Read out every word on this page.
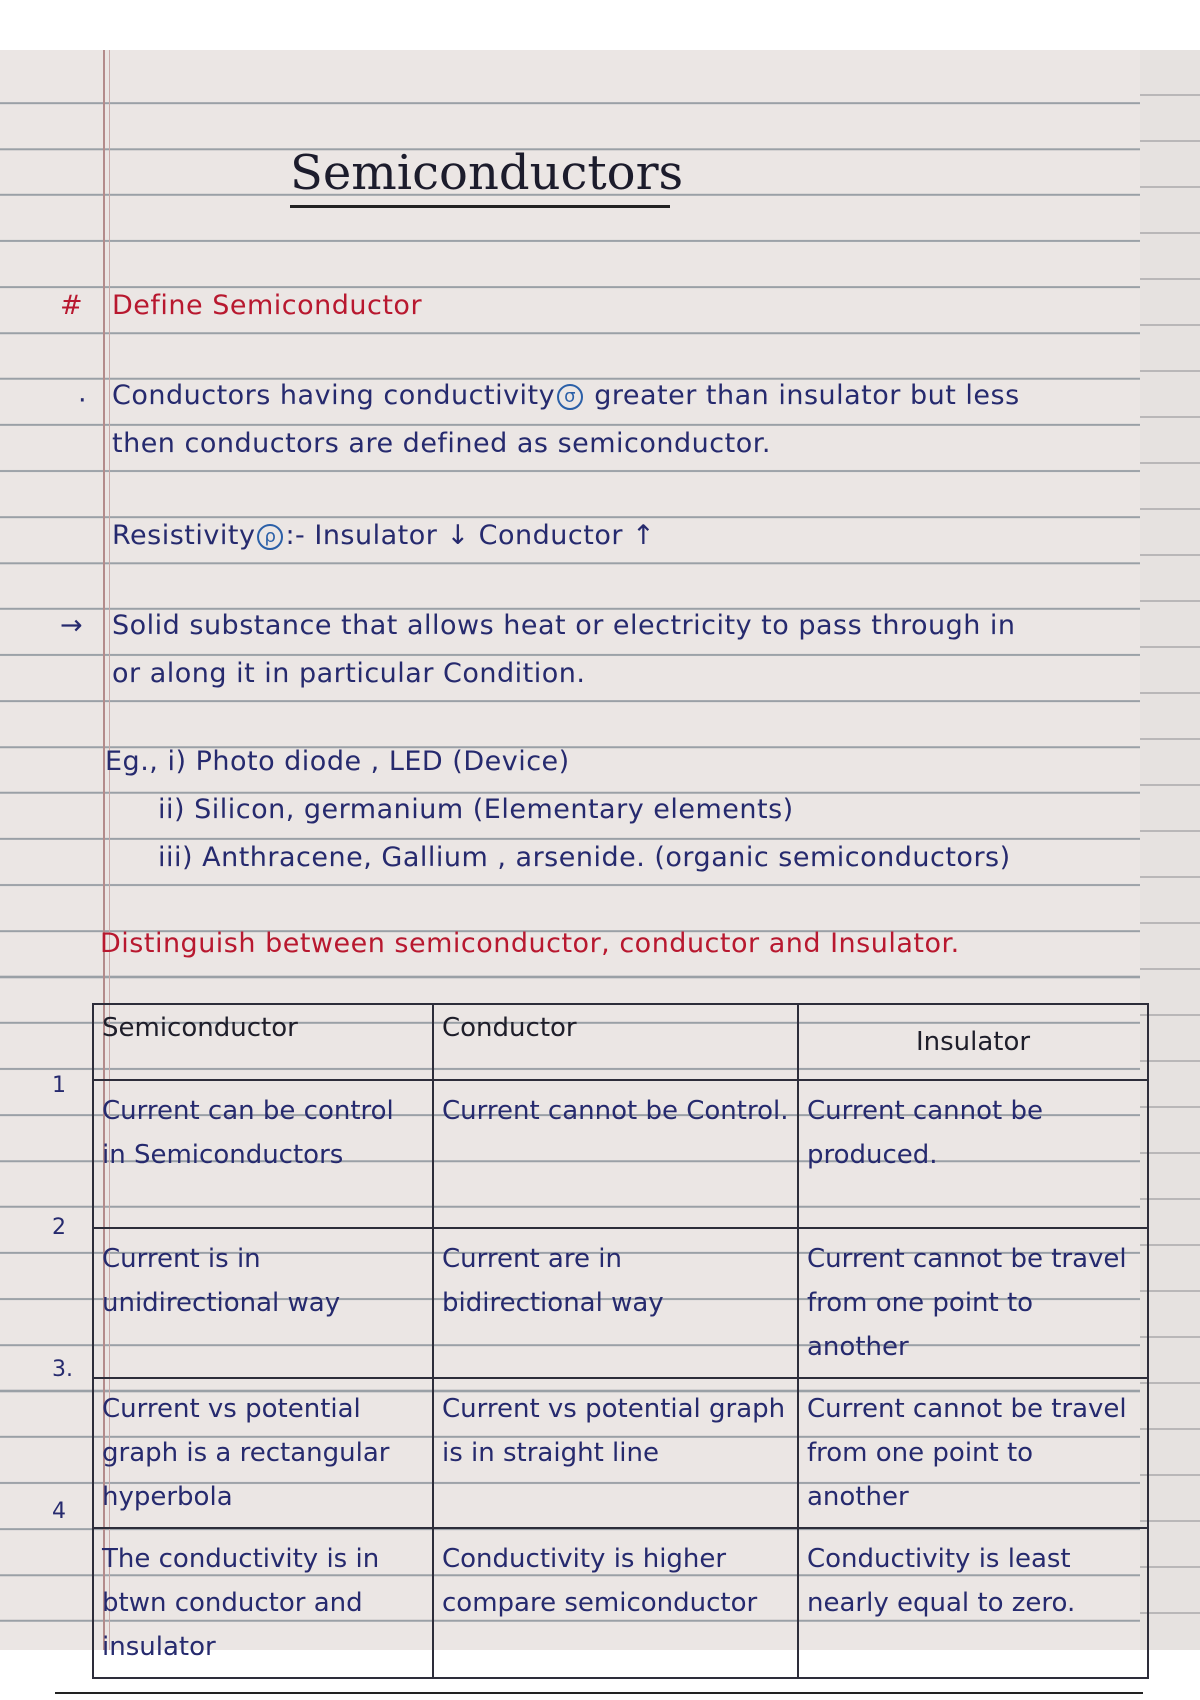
Semiconductors
# Define Semiconductor
· Conductors having conductivity σ greater than insulator but less
then conductors are defined as semiconductor.
Resistivity ρ :- Insulator ↓ Conductor ↑
→ Solid substance that allows heat or electricity to pass through in
or along it in particular Condition.
Eg., i) Photo diode , LED (Device)
ii) Silicon, germanium (Elementary elements)
iii) Anthracene, Gallium , arsenide. (organic semiconductors)
Distinguish between semiconductor, conductor and Insulator.
1
2
3.
4
Semiconductor	Conductor	Insulator
Current can be control in Semiconductors	Current cannot be Control.	Current cannot be produced.
Current is in unidirectional way	Current are in bidirectional way	Current cannot be travel from one point to another
Current vs potential graph is a rectangular hyperbola	Current vs potential graph is in straight line	Current cannot be travel from one point to another
The conductivity is in btwn conductor and insulator	Conductivity is higher compare semiconductor	Conductivity is least nearly equal to zero.
